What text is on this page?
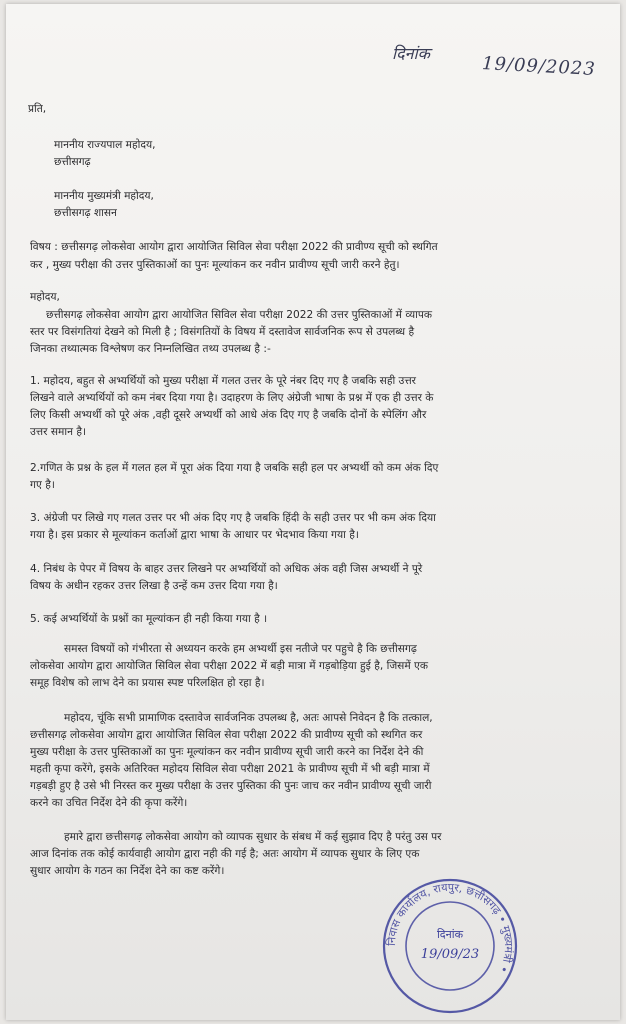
दिनांक	19/09/2023
प्रति,
माननीय राज्यपाल महोदय,
छत्तीसगढ़
माननीय मुख्यमंत्री महोदय,
छत्तीसगढ़ शासन
विषय : छत्तीसगढ़ लोकसेवा आयोग द्वारा आयोजित सिविल सेवा परीक्षा 2022 की प्रावीण्य सूची को स्थगित
कर , मुख्य परीक्षा की उत्तर पुस्तिकाओं का पुनः मूल्यांकन कर नवीन प्रावीण्य सूची जारी करने हेतु।
महोदय,
छत्तीसगढ़ लोकसेवा आयोग द्वारा आयोजित सिविल सेवा परीक्षा 2022 की उत्तर पुस्तिकाओं में व्यापक
स्तर पर विसंगतियां देखने को मिली है ; विसंगतियों के विषय में दस्तावेज सार्वजनिक रूप से उपलब्ध है
जिनका तथ्यात्मक विश्लेषण कर निम्नलिखित तथ्य उपलब्ध है :-
1. महोदय, बहुत से अभ्यर्थियों को मुख्य परीक्षा में गलत उत्तर के पूरे नंबर दिए गए है जबकि सही उत्तर
लिखने वाले अभ्यर्थियों को कम नंबर दिया गया है। उदाहरण के लिए अंग्रेजी भाषा के प्रश्न में एक ही उत्तर के
लिए किसी अभ्यर्थी को पूरे अंक ,वही दूसरे अभ्यर्थी को आधे अंक दिए गए है जबकि दोनों के स्पेलिंग और
उत्तर समान है।
2.गणित के प्रश्न के हल में गलत हल में पूरा अंक दिया गया है जबकि सही हल पर अभ्यर्थी को कम अंक दिए
गए है।
3. अंग्रेजी पर लिखे गए गलत उत्तर पर भी अंक दिए गए है जबकि हिंदी के सही उत्तर पर भी कम अंक दिया
गया है। इस प्रकार से मूल्यांकन कर्ताओं द्वारा भाषा के आधार पर भेदभाव किया गया है।
4. निबंध के पेपर में विषय के बाहर उत्तर लिखने पर अभ्यर्थियों को अधिक अंक वही जिस अभ्यर्थी ने पूरे
विषय के अधीन रहकर उत्तर लिखा है उन्हें कम उत्तर दिया गया है।
5. कई अभ्यर्थियों के प्रश्नों का मूल्यांकन ही नही किया गया है ।
समस्त विषयों को गंभीरता से अध्ययन करके हम अभ्यर्थी इस नतीजे पर पहुचे है कि छत्तीसगढ़
लोकसेवा आयोग द्वारा आयोजित सिविल सेवा परीक्षा 2022 में बड़ी मात्रा में गड़बोड़िया हुई है, जिसमें एक
समूह विशेष को लाभ देने का प्रयास स्पष्ट परिलक्षित हो रहा है।
महोदय, चूंकि सभी प्रामाणिक दस्तावेज सार्वजनिक उपलब्ध है, अतः आपसे निवेदन है कि तत्काल,
छत्तीसगढ़ लोकसेवा आयोग द्वारा आयोजित सिविल सेवा परीक्षा 2022 की प्रावीण्य सूची को स्थगित कर
मुख्य परीक्षा के उत्तर पुस्तिकाओं का पुनः मूल्यांकन कर नवीन प्रावीण्य सूची जारी करने का निर्देश देने की
महती कृपा करेंगे, इसके अतिरिक्त महोदय सिविल सेवा परीक्षा 2021 के प्रावीण्य सूची में भी बड़ी मात्रा में
गड़बड़ी हुए है उसे भी निरस्त कर मुख्य परीक्षा के उत्तर पुस्तिका की पुनः जाच कर नवीन प्रावीण्य सूची जारी
करने का उचित निर्देश देने की कृपा करेंगे।
हमारे द्वारा छत्तीसगढ़ लोकसेवा आयोग को व्यापक सुधार के संबध में कई सुझाव दिए है परंतु उस पर
आज दिनांक तक कोई कार्यवाही आयोग द्वारा नही की गई है; अतः आयोग में व्यापक सुधार के लिए एक
सुधार आयोग के गठन का निर्देश देने का कष्ट करेंगे।
निवास कार्यालय, रायपुर, छत्तीसगढ़ • मुख्यमंत्री •
दिनांक
19/09/23
